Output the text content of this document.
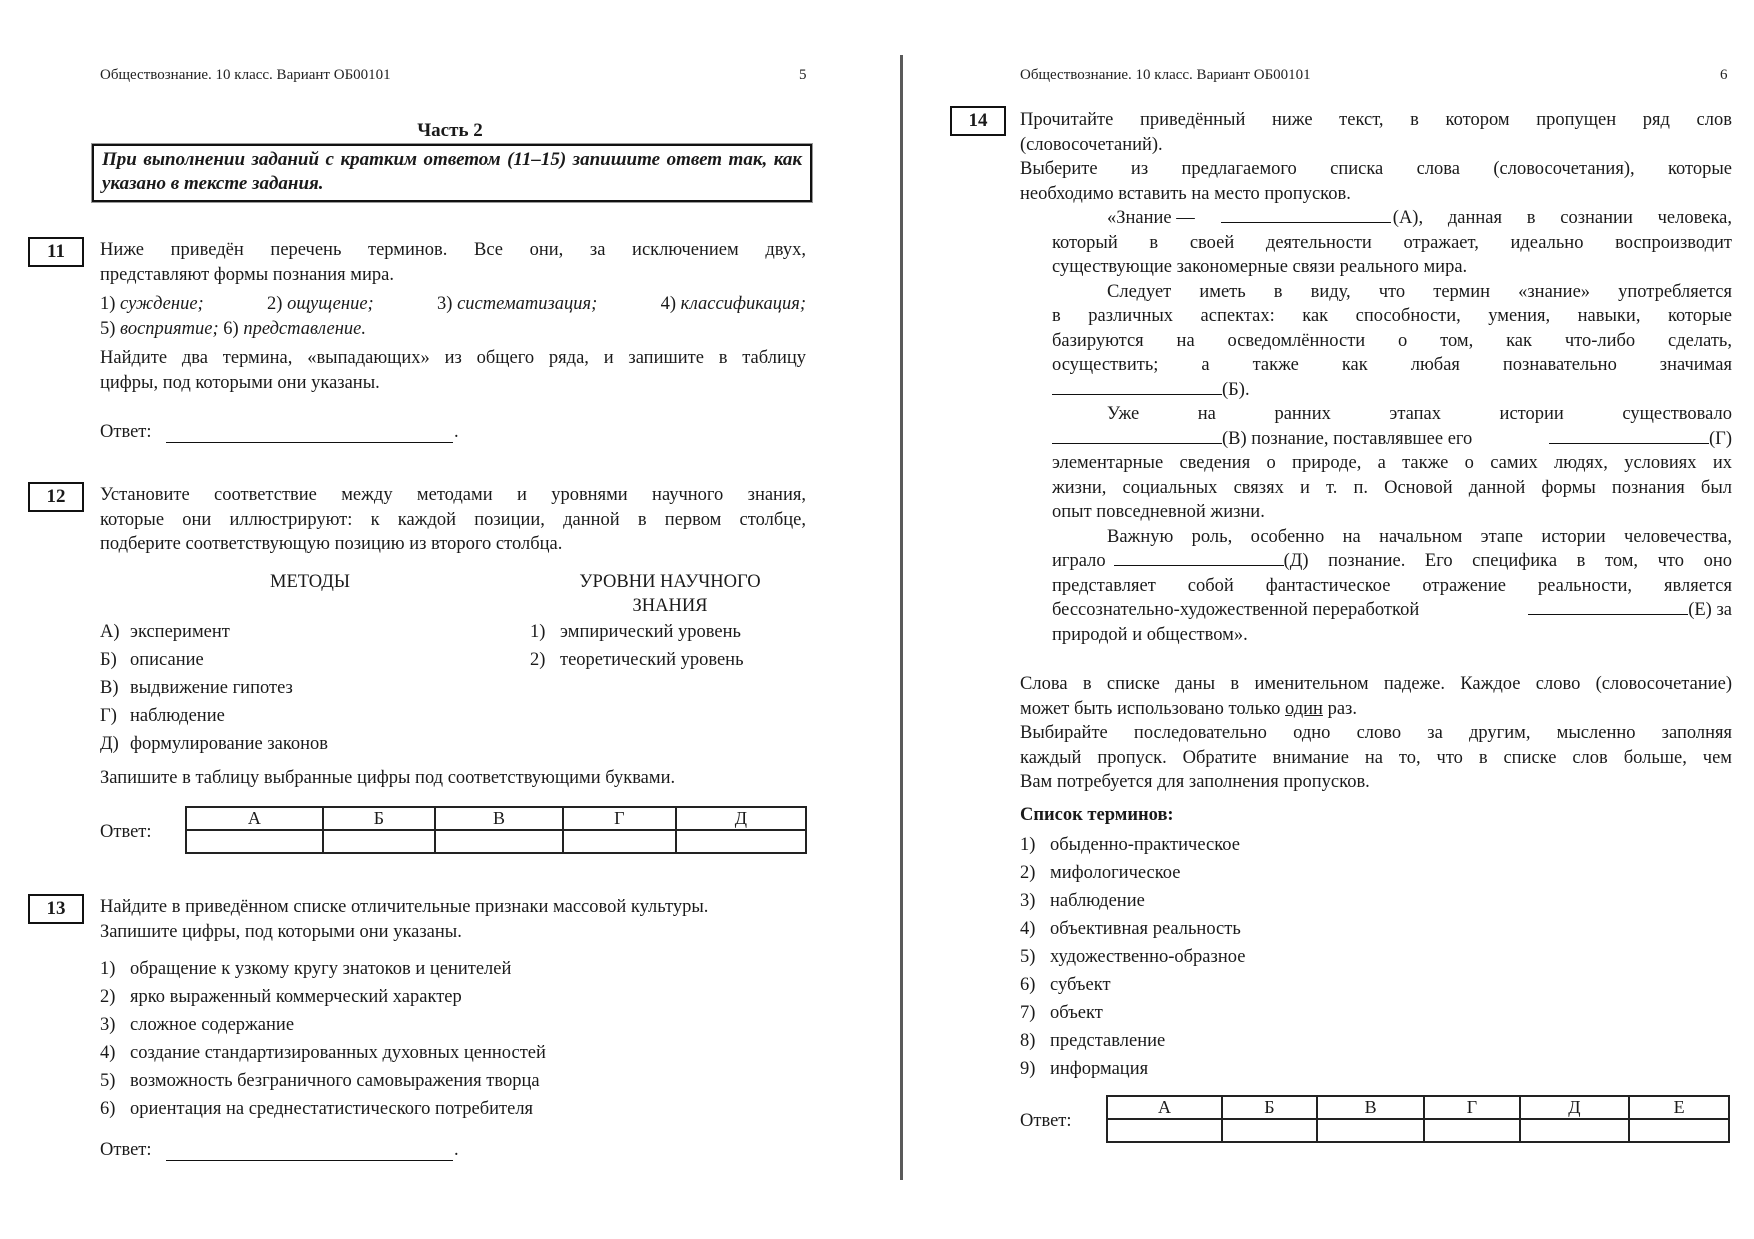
Обществознание. 10 класс. Вариант ОБ00101	5
Часть 2
При выполнении заданий с кратким ответом (11–15) запишите ответ так, как указано в тексте задания.
11	Ниже приведён перечень терминов. Все они, за исключением двух,
представляют формы познания мира.
1) суждение;	2) ощущение;	3) систематизация;	4) классификация;
5) восприятие; 6) представление.
Найдите два термина, «выпадающих» из общего ряда, и запишите в таблицу
цифры, под которыми они указаны.
Ответ:	.
12	Установите соответствие между методами и уровнями научного знания,
которые они иллюстрируют: к каждой позиции, данной в первом столбце,
подберите соответствующую позицию из второго столбца.
МЕТОДЫ	УРОВНИ НАУЧНОГО
ЗНАНИЯ
А) эксперимент
Б) описание
В) выдвижение гипотез
Г) наблюдение
Д) формулирование законов
1) эмпирический уровень
2) теоретический уровень
Запишите в таблицу выбранные цифры под соответствующими буквами.
Ответ:
А	Б	В	Г	Д

13	Найдите в приведённом списке отличительные признаки массовой культуры.
Запишите цифры, под которыми они указаны.
1) обращение к узкому кругу знатоков и ценителей
2) ярко выраженный коммерческий характер
3) сложное содержание
4) создание стандартизированных духовных ценностей
5) возможность безграничного самовыражения творца
6) ориентация на среднестатистического потребителя
Ответ:	.
Обществознание. 10 класс. Вариант ОБ00101	6
14	Прочитайте приведённый ниже текст, в котором пропущен ряд слов
(словосочетаний).
Выберите из предлагаемого списка слова (словосочетания), которые
необходимо вставить на место пропусков.
«Знание —	(А), данная в сознании человека,
который в своей деятельности отражает, идеально воспроизводит
существующие закономерные связи реального мира.
Следует иметь в виду, что термин «знание» употребляется
в различных аспектах: как способности, умения, навыки, которые
базируются на осведомлённости о том, как что-либо сделать,
осуществить; а также как любая познавательно значимая
(Б).
Уже на ранних этапах истории существовало
(В) познание, поставлявшее его	(Г)
элементарные сведения о природе, а также о самих людях, условиях их
жизни, социальных связях и т. п. Основой данной формы познания был
опыт повседневной жизни.
Важную роль, особенно на начальном этапе истории человечества,
играло	(Д) познание. Его специфика в том, что оно
представляет собой фантастическое отражение реальности, является
бессознательно-художественной переработкой	(Е) за
природой и обществом».
Слова в списке даны в именительном падеже. Каждое слово (словосочетание)
может быть использовано только один раз.
Выбирайте последовательно одно слово за другим, мысленно заполняя
каждый пропуск. Обратите внимание на то, что в списке слов больше, чем
Вам потребуется для заполнения пропусков.
Список терминов:
1) обыденно-практическое
2) мифологическое
3) наблюдение
4) объективная реальность
5) художественно-образное
6) субъект
7) объект
8) представление
9) информация
Ответ:
А	Б	В	Г	Д	Е
